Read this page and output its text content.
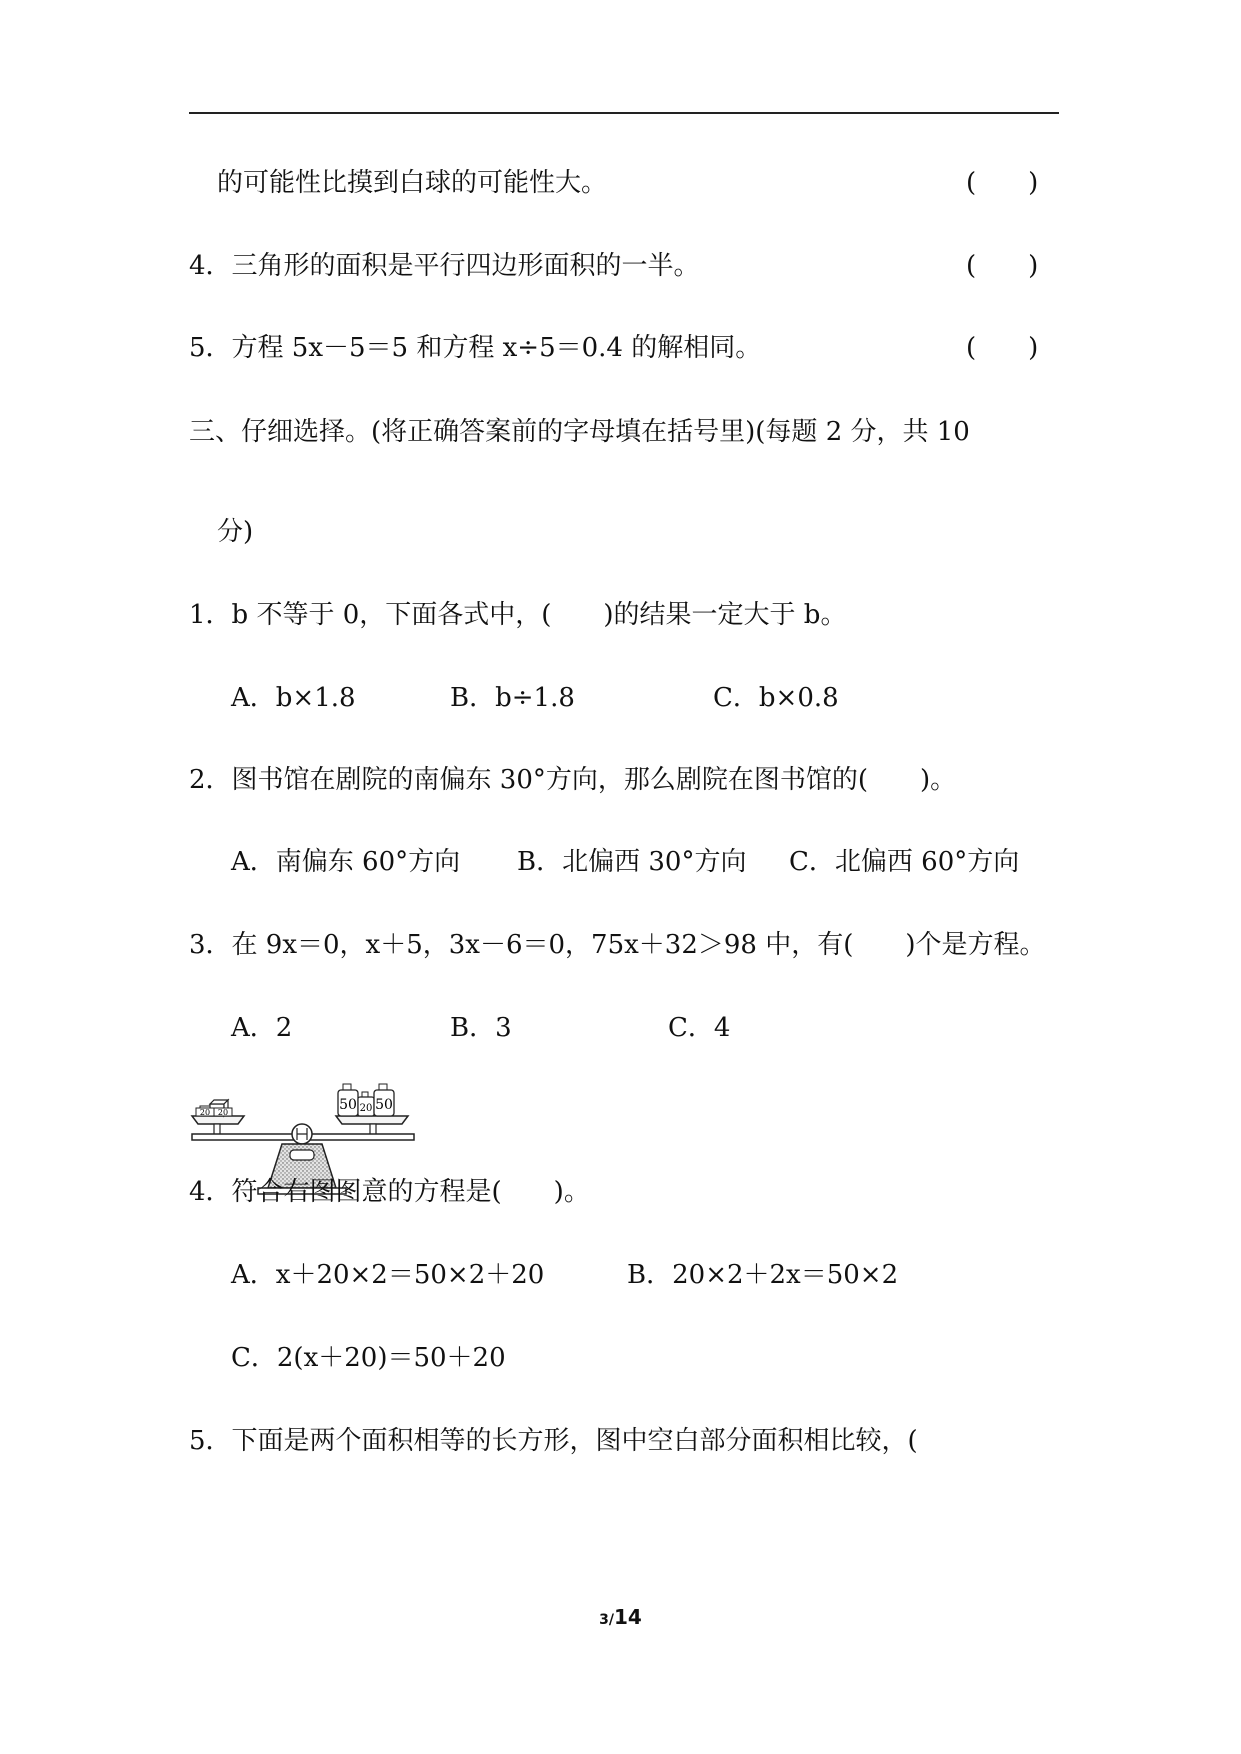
的可能性比摸到白球的可能性大。	(　　)
4．三角形的面积是平行四边形面积的一半。	(　　)
5．方程 5x－5＝5 和方程 x÷5＝0.4 的解相同。	(　　)
三、仔细选择。(将正确答案前的字母填在括号里)(每题 2 分，共 10
分)
1．b 不等于 0，下面各式中，(　　)的结果一定大于 b。
A．b×1.8	B．b÷1.8	C．b×0.8
2．图书馆在剧院的南偏东 30°方向，那么剧院在图书馆的(　　)。
A．南偏东 60°方向 B．北偏西 30°方向 C．北偏西 60°方向
3．在 9x＝0，x＋5，3x－6＝0，75x＋32＞98 中，有(　　)个是方程。
A．2	B．3	C．4
20 20	50 20 50
4．符合右图图意的方程是(　　)。
A．x＋20×2＝50×2＋20	B．20×2＋2x＝50×2
C．2(x＋20)＝50＋20
5．下面是两个面积相等的长方形，图中空白部分面积相比较，(
3/14
